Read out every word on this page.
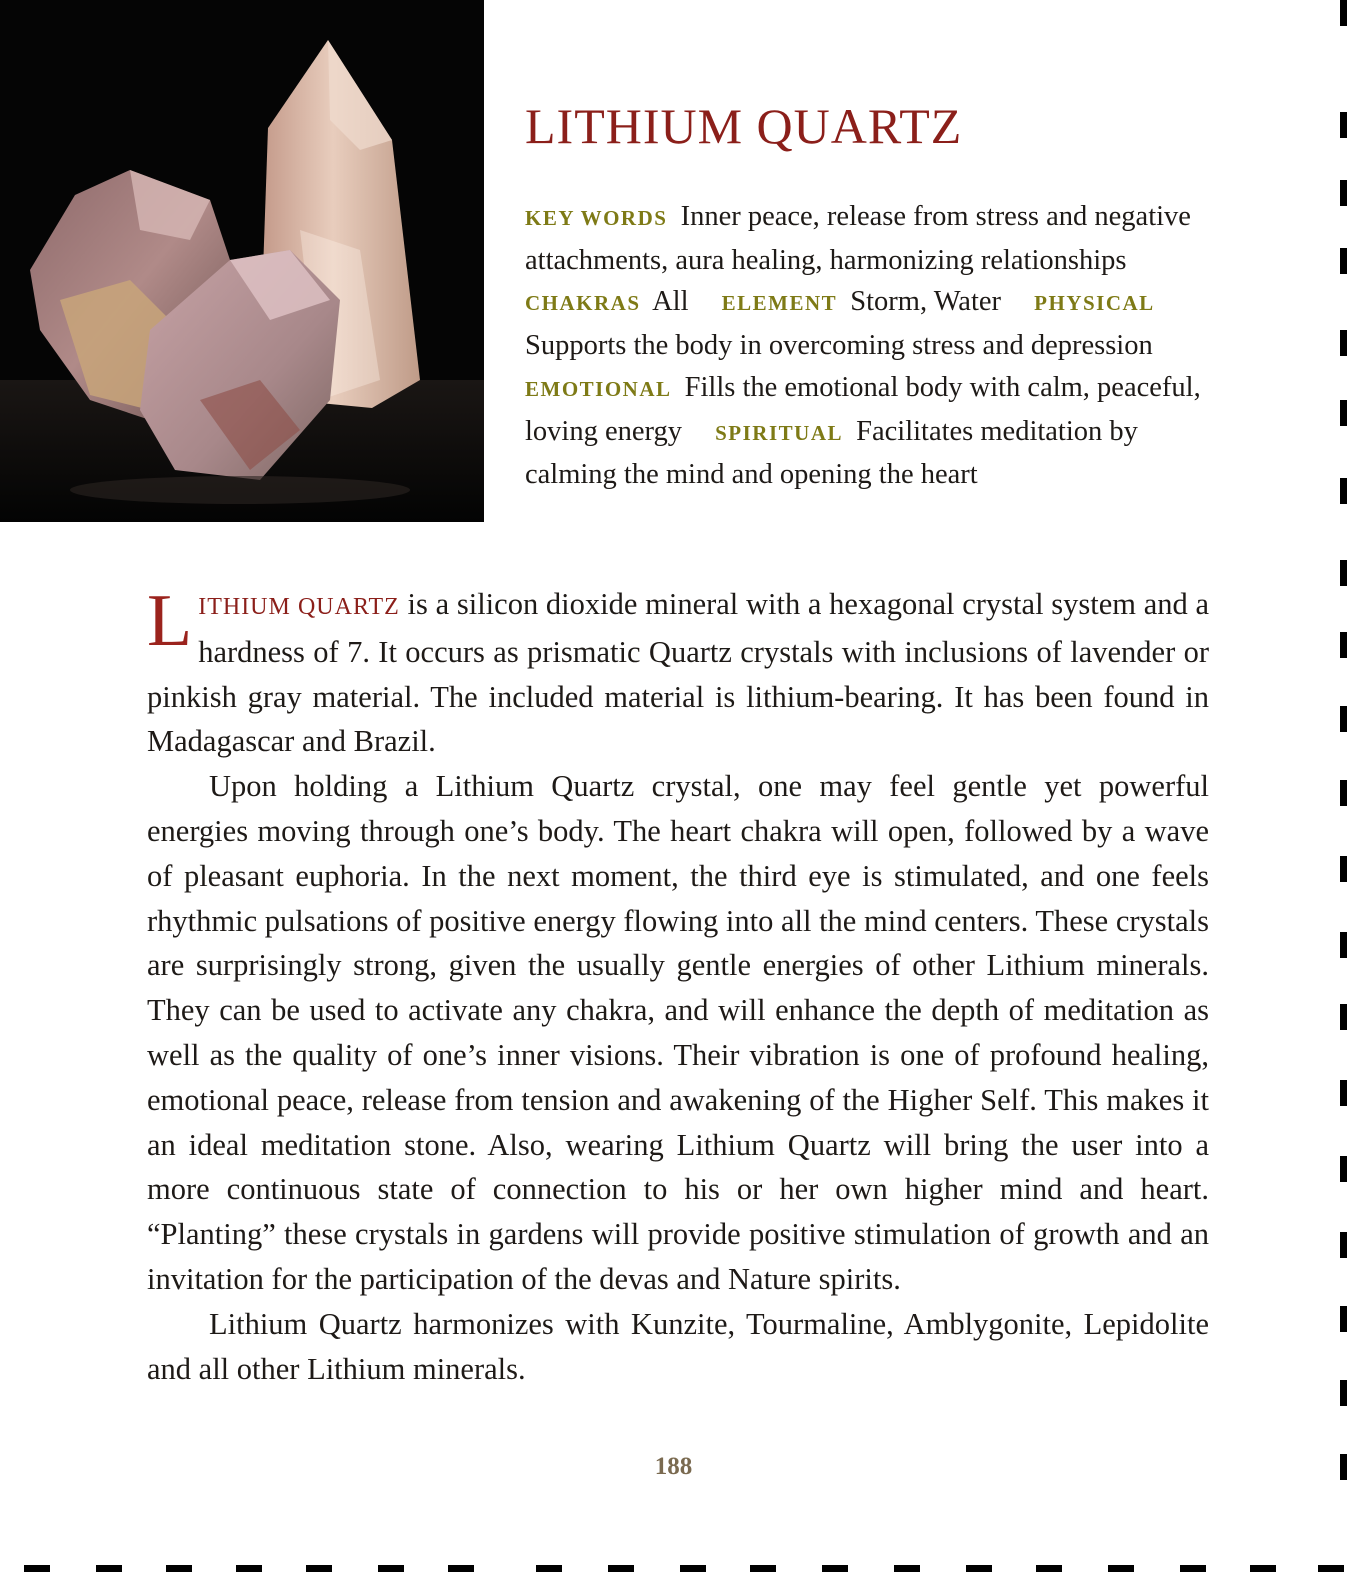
LITHIUM QUARTZ

KEY WORDS Inner peace, release from stress and negative attachments, aura healing, harmonizing relationships CHAKRAS All ELEMENT Storm, Water PHYSICAL Supports the body in overcoming stress and depression EMOTIONAL Fills the emotional body with calm, peaceful, loving energy SPIRITUAL Facilitates meditation by calming the mind and opening the heart

LITHIUM QUARTZ is a silicon dioxide mineral with a hexagonal crystal system and a hardness of 7. It occurs as prismatic Quartz crystals with inclusions of lavender or pinkish gray material. The included material is lithium-bearing. It has been found in Madagascar and Brazil.

Upon holding a Lithium Quartz crystal, one may feel gentle yet powerful energies moving through one’s body. The heart chakra will open, followed by a wave of pleasant euphoria. In the next moment, the third eye is stimulated, and one feels rhythmic pulsations of positive energy flowing into all the mind centers. These crystals are surprisingly strong, given the usually gentle energies of other Lithium minerals. They can be used to activate any chakra, and will enhance the depth of meditation as well as the quality of one’s inner visions. Their vibration is one of profound healing, emotional peace, release from tension and awakening of the Higher Self. This makes it an ideal meditation stone. Also, wearing Lithium Quartz will bring the user into a more continuous state of connection to his or her own higher mind and heart. “Planting” these crystals in gardens will provide positive stimulation of growth and an invitation for the participation of the devas and Nature spirits.

Lithium Quartz harmonizes with Kunzite, Tourmaline, Amblygonite, Lepidolite and all other Lithium minerals.

188
